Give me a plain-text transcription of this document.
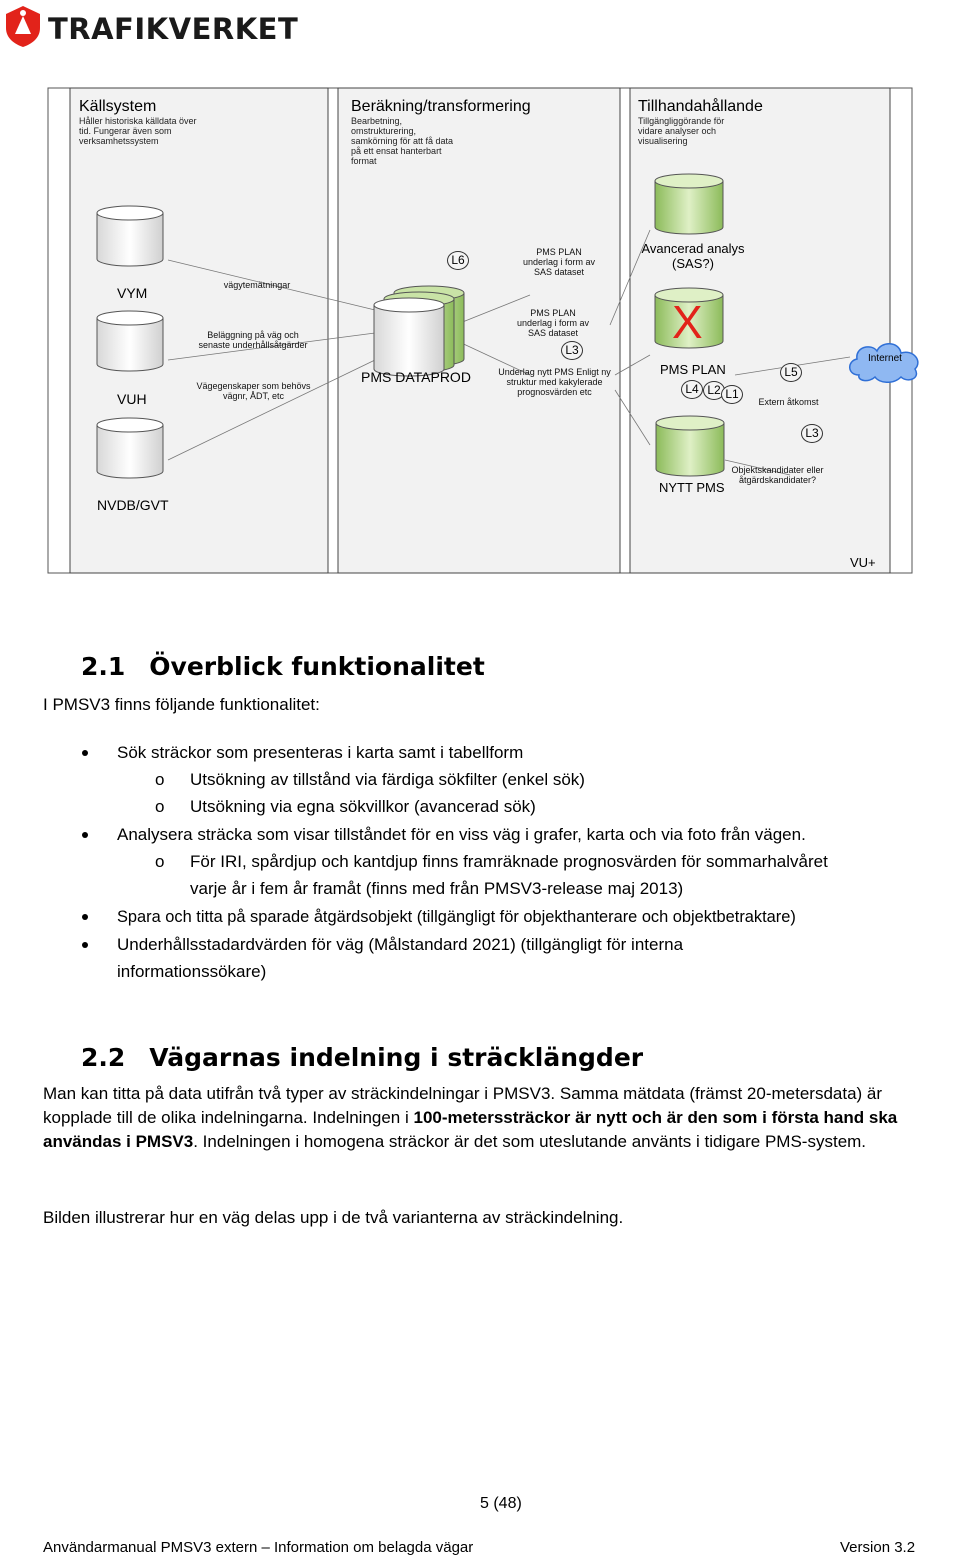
TRAFIKVERKET
Källsystem
Håller historiska källdata över tid. Fungerar även som verksamhetssystem
Beräkning/transformering
Bearbetning, omstrukturering, samkörning för att få data på ett ensat hanterbart format
Tillhandahållande
Tillgängliggörande för vidare analyser och visualisering
VYM
VUH
NVDB/GVT
vägytemätningar
Beläggning på väg och senaste underhållsåtgärder
Vägegenskaper som behövs vägnr, ÅDT, etc
PMS DATAPROD
L6
PMS PLAN underlag i form av SAS dataset
PMS PLAN underlag i form av SAS dataset
L3
Underlag nytt PMS Enligt ny struktur med kakylerade prognosvärden etc
Avancerad analys (SAS?)
X
PMS PLAN
L4 L2 L1
L5
Extern åtkomst
Internet
NYTT PMS
L3
Objektskandidater eller åtgärdskandidater?
VU+
2.1 Överblick funktionalitet
I PMSV3 finns följande funktionalitet:
Sök sträckor som presenteras i karta samt i tabellform
o Utsökning av tillstånd via färdiga sökfilter (enkel sök)
o Utsökning via egna sökvillkor (avancerad sök)
Analysera sträcka som visar tillståndet för en viss väg i grafer, karta och via foto från vägen.
o För IRI, spårdjup och kantdjup finns framräknade prognosvärden för sommarhalvåret
varje år i fem år framåt (finns med från PMSV3-release maj 2013)
Spara och titta på sparade åtgärdsobjekt (tillgängligt för objekthanterare och objektbetraktare)
Underhållsstadardvärden för väg (Målstandard 2021) (tillgängligt för interna
informationssökare)
2.2 Vägarnas indelning i sträcklängder
Man kan titta på data utifrån två typer av sträckindelningar i PMSV3. Samma mätdata (främst 20-metersdata) är kopplade till de olika indelningarna. Indelningen i 100-meterssträckor är nytt och är den som i första hand ska användas i PMSV3. Indelningen i homogena sträckor är det som uteslutande använts i tidigare PMS-system.
Bilden illustrerar hur en väg delas upp i de två varianterna av sträckindelning.
5 (48)
Användarmanual PMSV3 extern – Information om belagda vägar	Version 3.2
